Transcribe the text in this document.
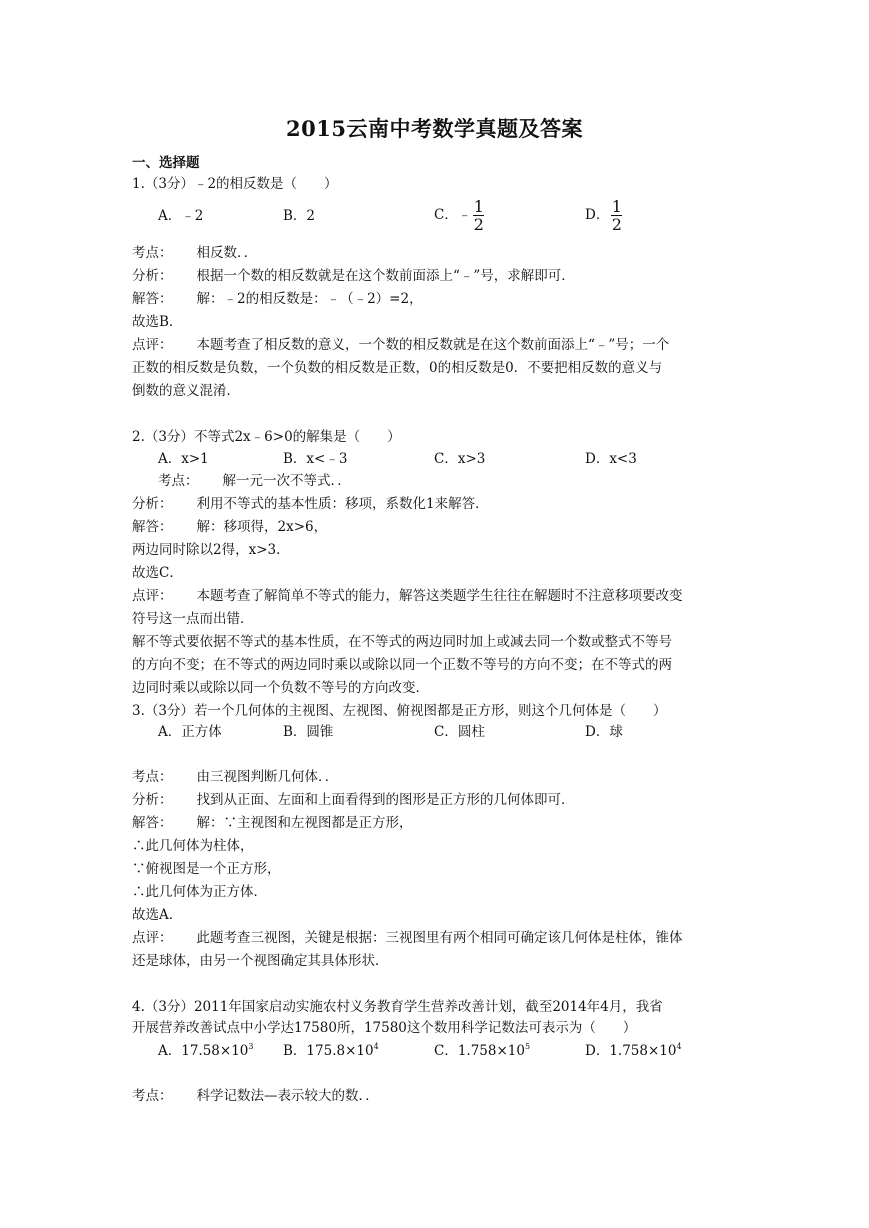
2015云南中考数学真题及答案
一、选择题
1.（3分）﹣2的相反数是（　　）
A．﹣2	B．2	C．﹣ $\frac{1}{2}$	D． $\frac{1}{2}$
考点： 相反数．．
分析： 根据一个数的相反数就是在这个数前面添上“﹣”号，求解即可．
解答： 解：﹣2的相反数是：﹣（﹣2）=2，
故选B．
点评： 本题考查了相反数的意义，一个数的相反数就是在这个数前面添上“﹣”号；一个
正数的相反数是负数，一个负数的相反数是正数，0的相反数是0．不要把相反数的意义与
倒数的意义混淆．
2.（3分）不等式2x﹣6>0的解集是（　　）
A．x>1	B．x<﹣3	C．x>3	D．x<3
考点： 解一元一次不等式．．
分析： 利用不等式的基本性质：移项，系数化1来解答．
解答： 解：移项得，2x>6，
两边同时除以2得，x>3．
故选C．
点评： 本题考查了解简单不等式的能力，解答这类题学生往往在解题时不注意移项要改变
符号这一点而出错．
解不等式要依据不等式的基本性质，在不等式的两边同时加上或减去同一个数或整式不等号
的方向不变；在不等式的两边同时乘以或除以同一个正数不等号的方向不变；在不等式的两
边同时乘以或除以同一个负数不等号的方向改变．
3.（3分）若一个几何体的主视图、左视图、俯视图都是正方形，则这个几何体是（　　）
A．正方体	B．圆锥	C．圆柱	D．球
考点： 由三视图判断几何体．．
分析： 找到从正面、左面和上面看得到的图形是正方形的几何体即可．
解答： 解：∵主视图和左视图都是正方形，
∴此几何体为柱体，
∵俯视图是一个正方形，
∴此几何体为正方体．
故选A．
点评： 此题考查三视图，关键是根据：三视图里有两个相同可确定该几何体是柱体，锥体
还是球体，由另一个视图确定其具体形状．
4.（3分）2011年国家启动实施农村义务教育学生营养改善计划，截至2014年4月，我省
开展营养改善试点中小学达17580所，17580这个数用科学记数法可表示为（　　）
A．$17.58\times 10^3$ B．$175.8\times 10^4$	C．$1.758\times 10^5$	D．$1.758\times 10^4$
考点： 科学记数法—表示较大的数．．
